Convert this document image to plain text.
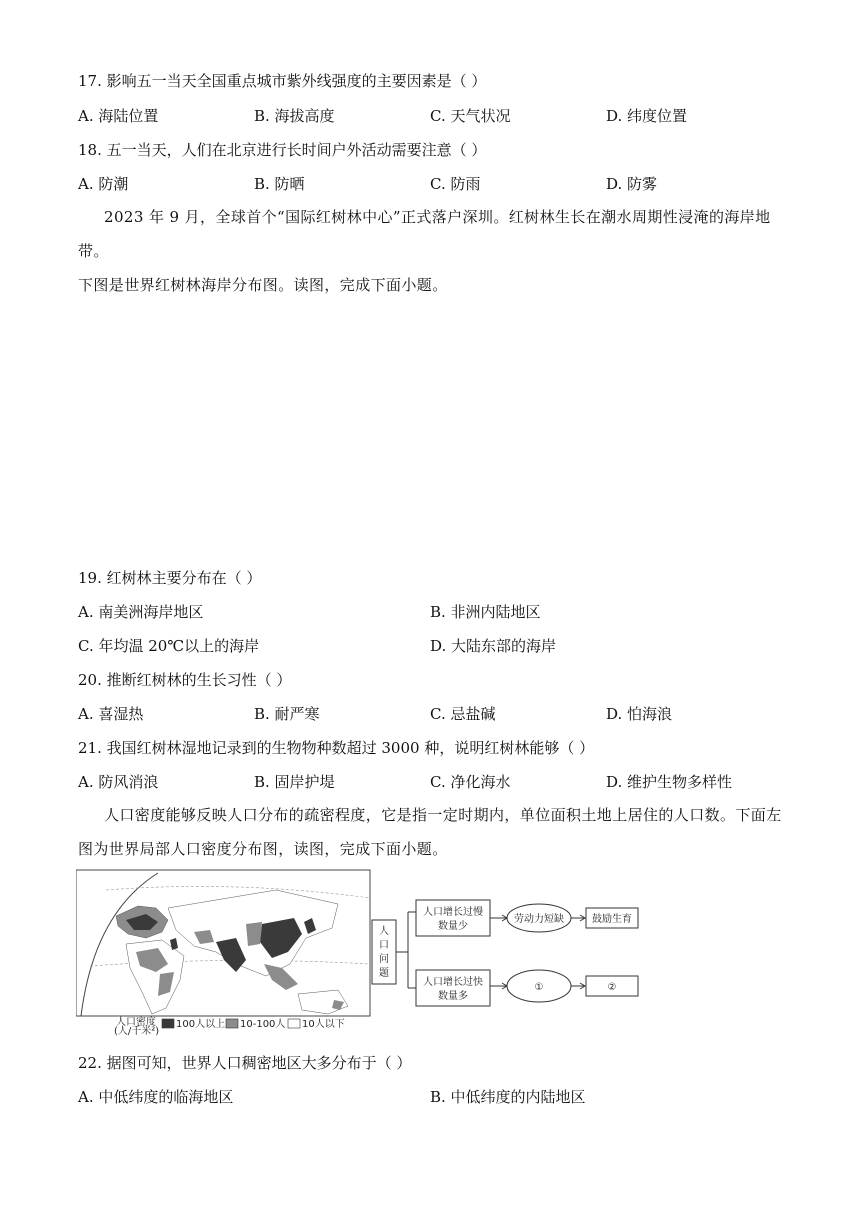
17. 影响五一当天全国重点城市紫外线强度的主要因素是（ ）
A. 海陆位置	B. 海拔高度	C. 天气状况	D. 纬度位置
18. 五一当天，人们在北京进行长时间户外活动需要注意（ ）
A. 防潮	B. 防晒	C. 防雨	D. 防雾
2023 年 9 月，全球首个“国际红树林中心”正式落户深圳。红树林生长在潮水周期性浸淹的海岸地带。
下图是世界红树林海岸分布图。读图，完成下面小题。
19. 红树林主要分布在（ ）
A. 南美洲海岸地区	B. 非洲内陆地区
C. 年均温 20℃以上的海岸	D. 大陆东部的海岸
20. 推断红树林的生长习性（ ）
A. 喜湿热	B. 耐严寒	C. 忌盐碱	D. 怕海浪
21. 我国红树林湿地记录到的生物物种数超过 3000 种，说明红树林能够（ ）
A. 防风消浪	B. 固岸护堤	C. 净化海水	D. 维护生物多样性
人口密度能够反映人口分布的疏密程度，它是指一定时期内，单位面积土地上居住的人口数。下面左
图为世界局部人口密度分布图，读图，完成下面小题。
人口密度
(人/千米²)
100人以上 10-100人 10人以下
人
口
问
题
人口增长过慢
数量少
劳动力短缺	鼓励生育
人口增长过快
数量多
①	②
22. 据图可知，世界人口稠密地区大多分布于（ ）
A. 中低纬度的临海地区	B. 中低纬度的内陆地区
